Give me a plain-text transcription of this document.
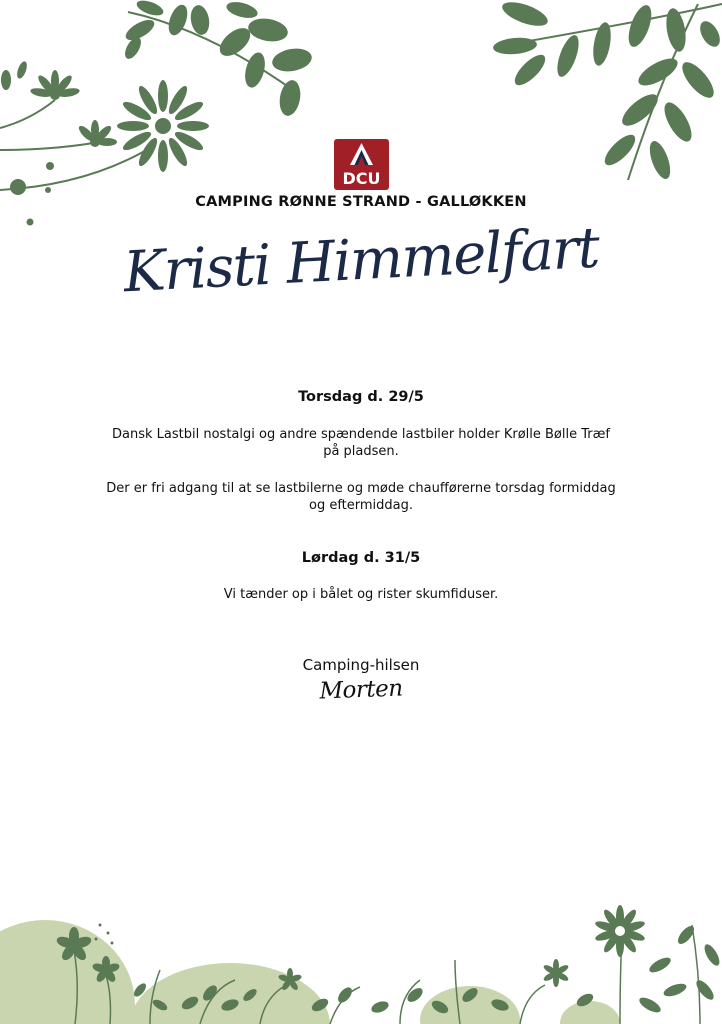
DCU
CAMPING RØNNE STRAND - GALLØKKEN
Kristi Himmelfart
Torsdag d. 29/5
Dansk Lastbil nostalgi og andre spændende lastbiler holder Krølle Bølle Træf
på pladsen.
Der er fri adgang til at se lastbilerne og møde chaufførerne torsdag formiddag
og eftermiddag.
Lørdag d. 31/5
Vi tænder op i bålet og rister skumfiduser.
Camping-hilsen
Morten
